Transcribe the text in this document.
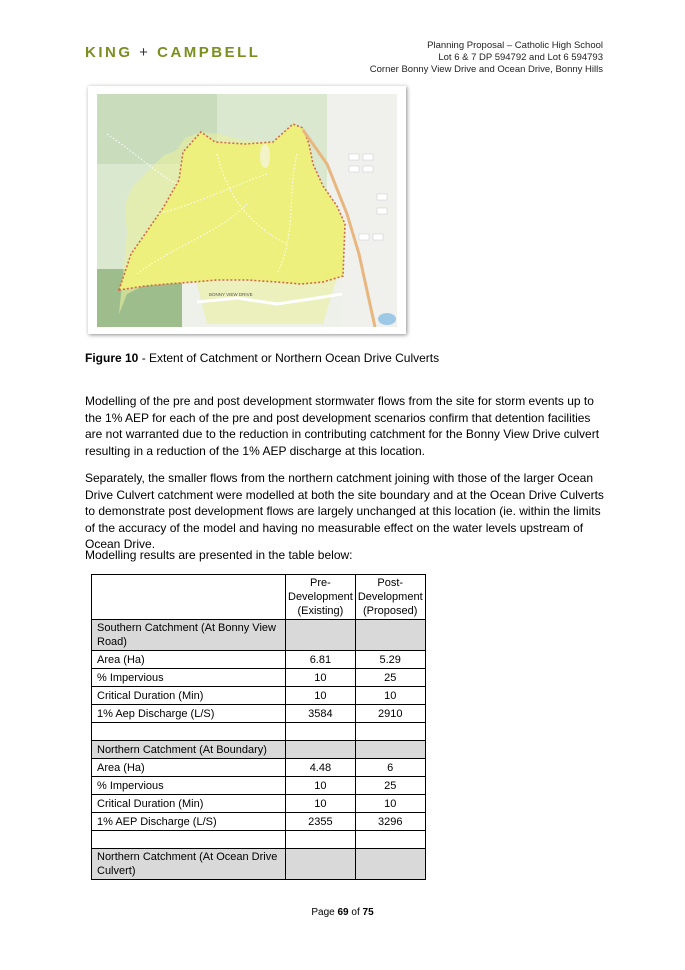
KING + CAMPBELL	Planning Proposal – Catholic High School
Lot 6 & 7 DP 594792 and Lot 6 594793
Corner Bonny View Drive and Ocean Drive, Bonny Hills
BONNY VIEW DRIVE
Figure 10 - Extent of Catchment or Northern Ocean Drive Culverts

Modelling of the pre and post development stormwater flows from the site for storm events up to the 1% AEP for each of the pre and post development scenarios confirm that detention facilities are not warranted due to the reduction in contributing catchment for the Bonny View Drive culvert resulting in a reduction of the 1% AEP discharge at this location.

Separately, the smaller flows from the northern catchment joining with those of the larger Ocean Drive Culvert catchment were modelled at both the site boundary and at the Ocean Drive Culverts to demonstrate post development flows are largely unchanged at this location (ie. within the limits of the accuracy of the model and having no measurable effect on the water levels upstream of Ocean Drive.

Modelling results are presented in the table below:

	Pre-Development (Existing)	Post-Development (Proposed)
Southern Catchment (At Bonny View Road)		
Area (Ha)	6.81	5.29
% Impervious	10	25
Critical Duration (Min)	10	10
1% Aep Discharge (L/S)	3584	2910

Northern Catchment (At Boundary)		
Area (Ha)	4.48	6
% Impervious	10	25
Critical Duration (Min)	10	10
1% AEP Discharge (L/S)	2355	3296

Northern Catchment (At Ocean Drive Culvert)		
Page 69 of 75
